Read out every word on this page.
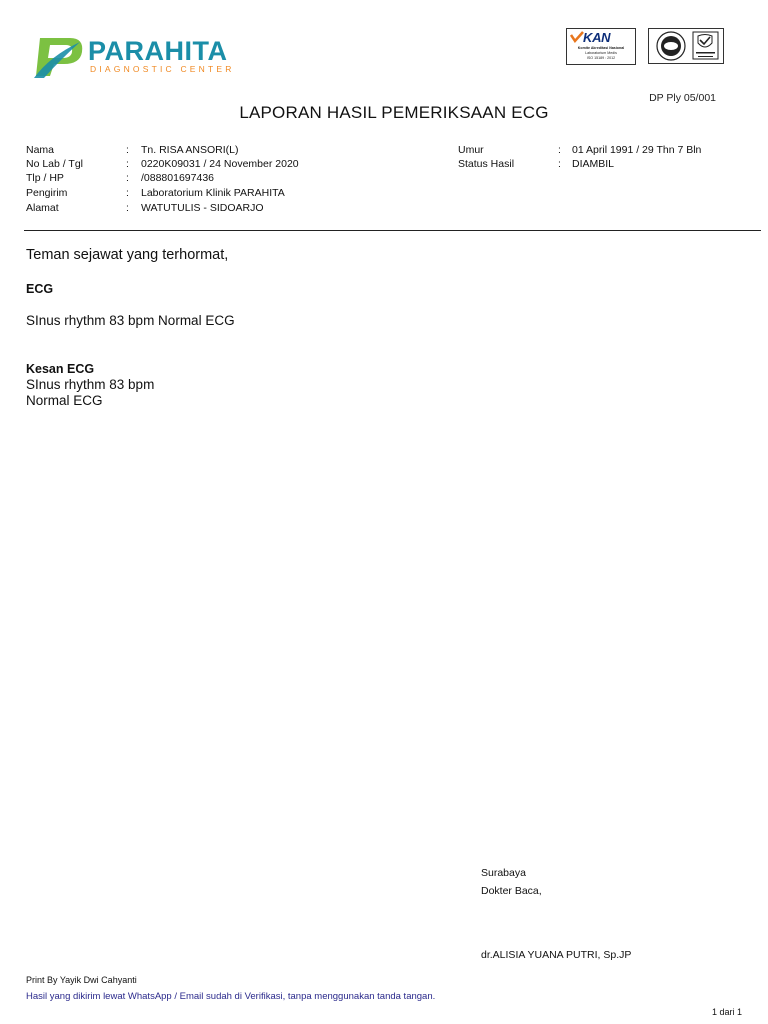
PARAHITA
DIAGNOSTIC CENTER
KAN
Komite Akreditasi Nasional
Laboratorium Medis
ISO 15189 : 2012
DP Ply 05/001
LAPORAN HASIL PEMERIKSAAN ECG
Nama	: Tn. RISA ANSORI(L)
No Lab / Tgl	: 0220K09031 / 24 November 2020
Tlp / HP	: /088801697436
Pengirim	: Laboratorium Klinik PARAHITA
Alamat	: WATUTULIS - SIDOARJO
Umur	: 01 April 1991 / 29 Thn 7 Bln
Status Hasil	: DIAMBIL
Teman sejawat yang terhormat,
ECG
SInus rhythm 83 bpm Normal ECG
Kesan ECG
SInus rhythm 83 bpm
Normal ECG
Surabaya
Dokter Baca,
dr.ALISIA YUANA PUTRI, Sp.JP
Print By Yayik Dwi Cahyanti
Hasil yang dikirim lewat WhatsApp / Email sudah di Verifikasi, tanpa menggunakan tanda tangan.
1 dari 1
